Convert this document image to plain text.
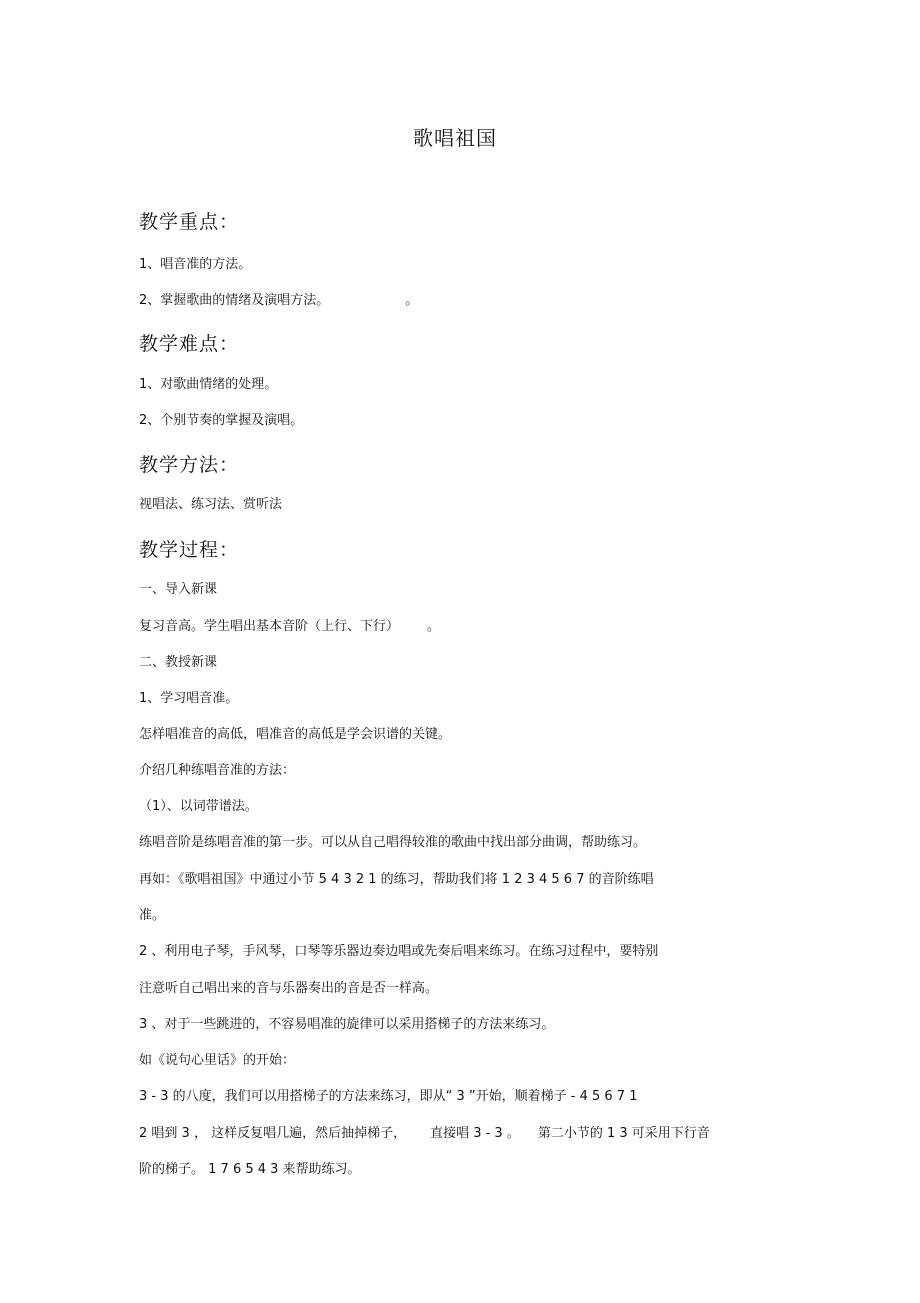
歌唱祖国
教学重点：
1、唱音准的方法。
2、掌握歌曲的情绪及演唱方法。	。
教学难点：
1、对歌曲情绪的处理。
2、个别节奏的掌握及演唱。
教学方法：
视唱法、练习法、赏听法
教学过程：
一、导入新课
复习音高。学生唱出基本音阶（上行、下行） 。
二、教授新课
1、学习唱音准。
怎样唱准音的高低，唱准音的高低是学会识谱的关键。
介绍几种练唱音准的方法：
（1）、以词带谱法。
练唱音阶是练唱音准的第一步。可以从自己唱得较准的歌曲中找出部分曲调，帮助练习。
再如：《歌唱祖国》中通过小节 5 4 3 2 1 的练习，帮助我们将 1 2 3 4 5 6 7 的音阶练唱
准。
2 、利用电子琴，手风琴，口琴等乐器边奏边唱或先奏后唱来练习。在练习过程中，要特别
注意听自己唱出来的音与乐器奏出的音是否一样高。
3 、对于一些跳进的，不容易唱准的旋律可以采用搭梯子的方法来练习。
如《说句心里话》的开始：
3 - 3 的八度，我们可以用搭梯子的方法来练习，即从“ 3 ”开始，顺着梯子 - 4 5 6 7 1
2 唱到 3 ， 这样反复唱几遍，然后抽掉梯子， 直接唱 3 - 3 。 第二小节的 1 3 可采用下行音
阶的梯子。 1 7 6 5 4 3 来帮助练习。
